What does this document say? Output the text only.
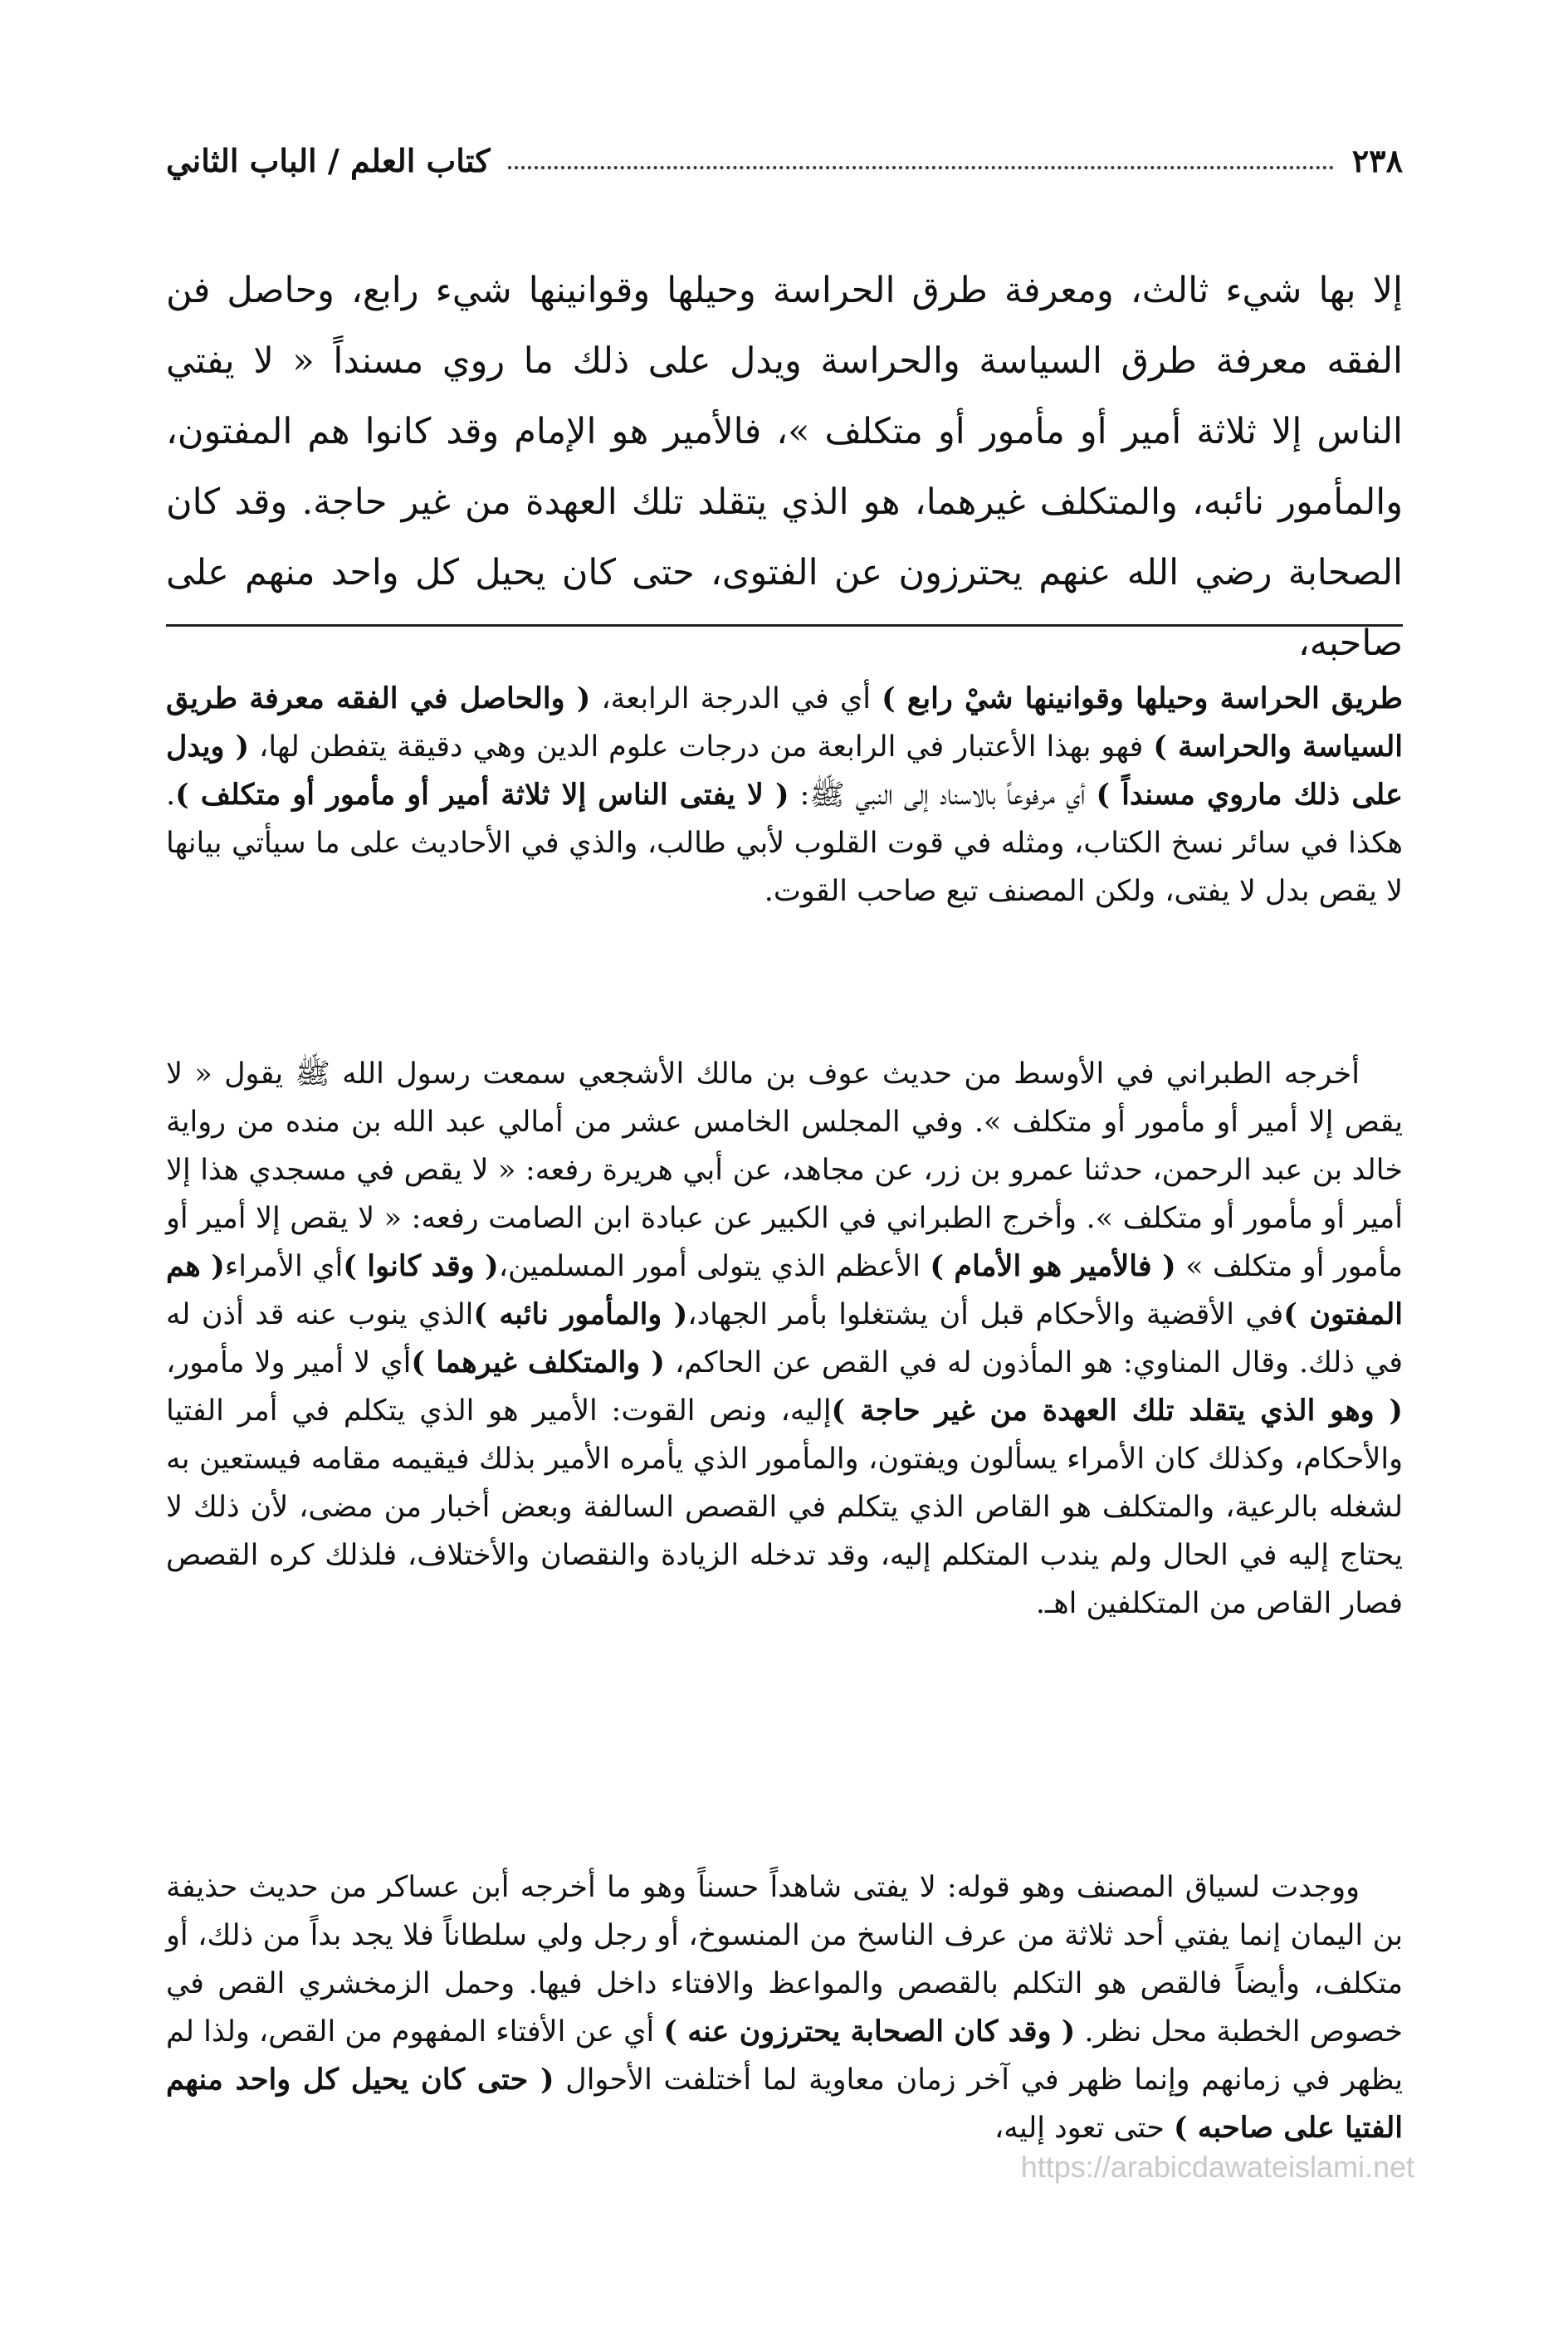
٢٣٨
كتاب العلم / الباب الثاني

إلا بها شيء ثالث، ومعرفة طرق الحراسة وحيلها وقوانينها شيء رابع، وحاصل فن الفقه معرفة طرق السياسة والحراسة ويدل على ذلك ما روي مسنداً « لا يفتي الناس إلا ثلاثة أمير أو مأمور أو متكلف »، فالأمير هو الإمام وقد كانوا هم المفتون، والمأمور نائبه، والمتكلف غيرهما، هو الذي يتقلد تلك العهدة من غير حاجة. وقد كان الصحابة رضي الله عنهم يحترزون عن الفتوى، حتى كان يحيل كل واحد منهم على صاحبه،

طريق الحراسة وحيلها وقوانينها شيْ رابع ) أي في الدرجة الرابعة، ( والحاصل في الفقه معرفة طريق السياسة والحراسة ) فهو بهذا الأعتبار في الرابعة من درجات علوم الدين وهي دقيقة يتفطن لها، ( ويدل على ذلك ماروي مسنداً ) أي مرفوعاً بالاسناد إلى النبي ﷺ: ( لا يفتى الناس إلا ثلاثة أمير أو مأمور أو متكلف ). هكذا في سائر نسخ الكتاب، ومثله في قوت القلوب لأبي طالب، والذي في الأحاديث على ما سيأتي بيانها لا يقص بدل لا يفتى، ولكن المصنف تبع صاحب القوت.

أخرجه الطبراني في الأوسط من حديث عوف بن مالك الأشجعي سمعت رسول الله ﷺ يقول « لا يقص إلا أمير أو مأمور أو متكلف ». وفي المجلس الخامس عشر من أمالي عبد الله بن منده من رواية خالد بن عبد الرحمن، حدثنا عمرو بن زر، عن مجاهد، عن أبي هريرة رفعه: « لا يقص في مسجدي هذا إلا أمير أو مأمور أو متكلف ». وأخرج الطبراني في الكبير عن عبادة ابن الصامت رفعه: « لا يقص إلا أمير أو مأمور أو متكلف » ( فالأمير هو الأمام ) الأعظم الذي يتولى أمور المسلمين،( وقد كانوا )أي الأمراء( هم المفتون )في الأقضية والأحكام قبل أن يشتغلوا بأمر الجهاد،( والمأمور نائبه )الذي ينوب عنه قد أذن له في ذلك. وقال المناوي: هو المأذون له في القص عن الحاكم، ( والمتكلف غيرهما )أي لا أمير ولا مأمور، ( وهو الذي يتقلد تلك العهدة من غير حاجة )إليه، ونص القوت: الأمير هو الذي يتكلم في أمر الفتيا والأحكام، وكذلك كان الأمراء يسألون ويفتون، والمأمور الذي يأمره الأمير بذلك فيقيمه مقامه فيستعين به لشغله بالرعية، والمتكلف هو القاص الذي يتكلم في القصص السالفة وبعض أخبار من مضى، لأن ذلك لا يحتاج إليه في الحال ولم يندب المتكلم إليه، وقد تدخله الزيادة والنقصان والأختلاف، فلذلك كره القصص فصار القاص من المتكلفين اهـ.

ووجدت لسياق المصنف وهو قوله: لا يفتى شاهداً حسناً وهو ما أخرجه أبن عساكر من حديث حذيفة بن اليمان إنما يفتي أحد ثلاثة من عرف الناسخ من المنسوخ، أو رجل ولي سلطاناً فلا يجد بداً من ذلك، أو متكلف، وأيضاً فالقص هو التكلم بالقصص والمواعظ والافتاء داخل فيها. وحمل الزمخشري القص في خصوص الخطبة محل نظر. ( وقد كان الصحابة يحترزون عنه ) أي عن الأفتاء المفهوم من القص، ولذا لم يظهر في زمانهم وإنما ظهر في آخر زمان معاوية لما أختلفت الأحوال ( حتى كان يحيل كل واحد منهم الفتيا على صاحبه ) حتى تعود إليه،

https://arabicdawateislami.net
